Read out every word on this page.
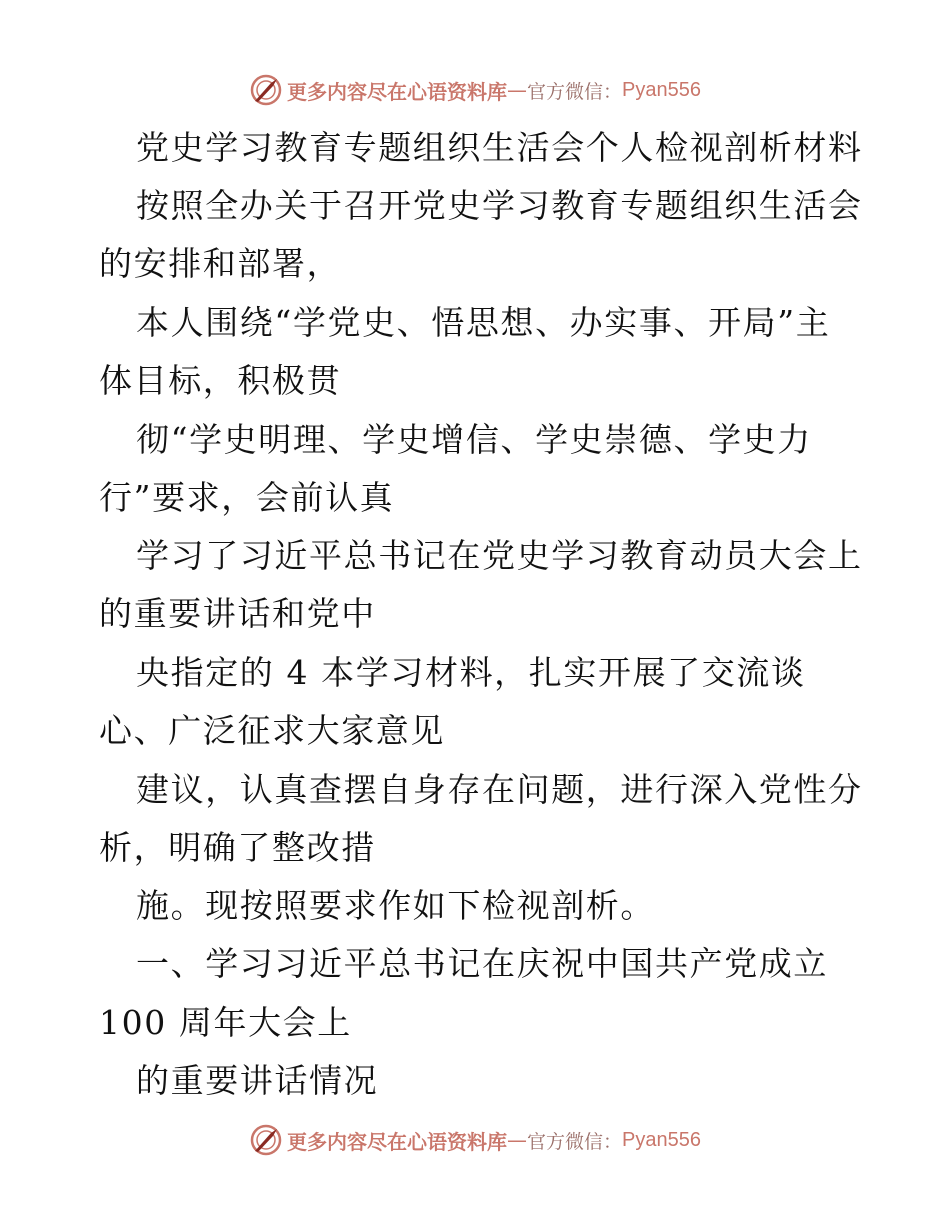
更多内容尽在心语资料库 — 官方微信： Pyan556
党史学习教育专题组织生活会个人检视剖析材料
按照全办关于召开党史学习教育专题组织生活会
的安排和部署，
本人围绕“学党史、悟思想、办实事、开局”主
体目标，积极贯
彻“学史明理、学史增信、学史崇德、学史力
行”要求，会前认真
学习了习近平总书记在党史学习教育动员大会上
的重要讲话和党中
央指定的 4 本学习材料，扎实开展了交流谈
心、广泛征求大家意见
建议，认真查摆自身存在问题，进行深入党性分
析，明确了整改措
施。现按照要求作如下检视剖析。
一、学习习近平总书记在庆祝中国共产党成立
100 周年大会上
的重要讲话情况
更多内容尽在心语资料库 — 官方微信： Pyan556
